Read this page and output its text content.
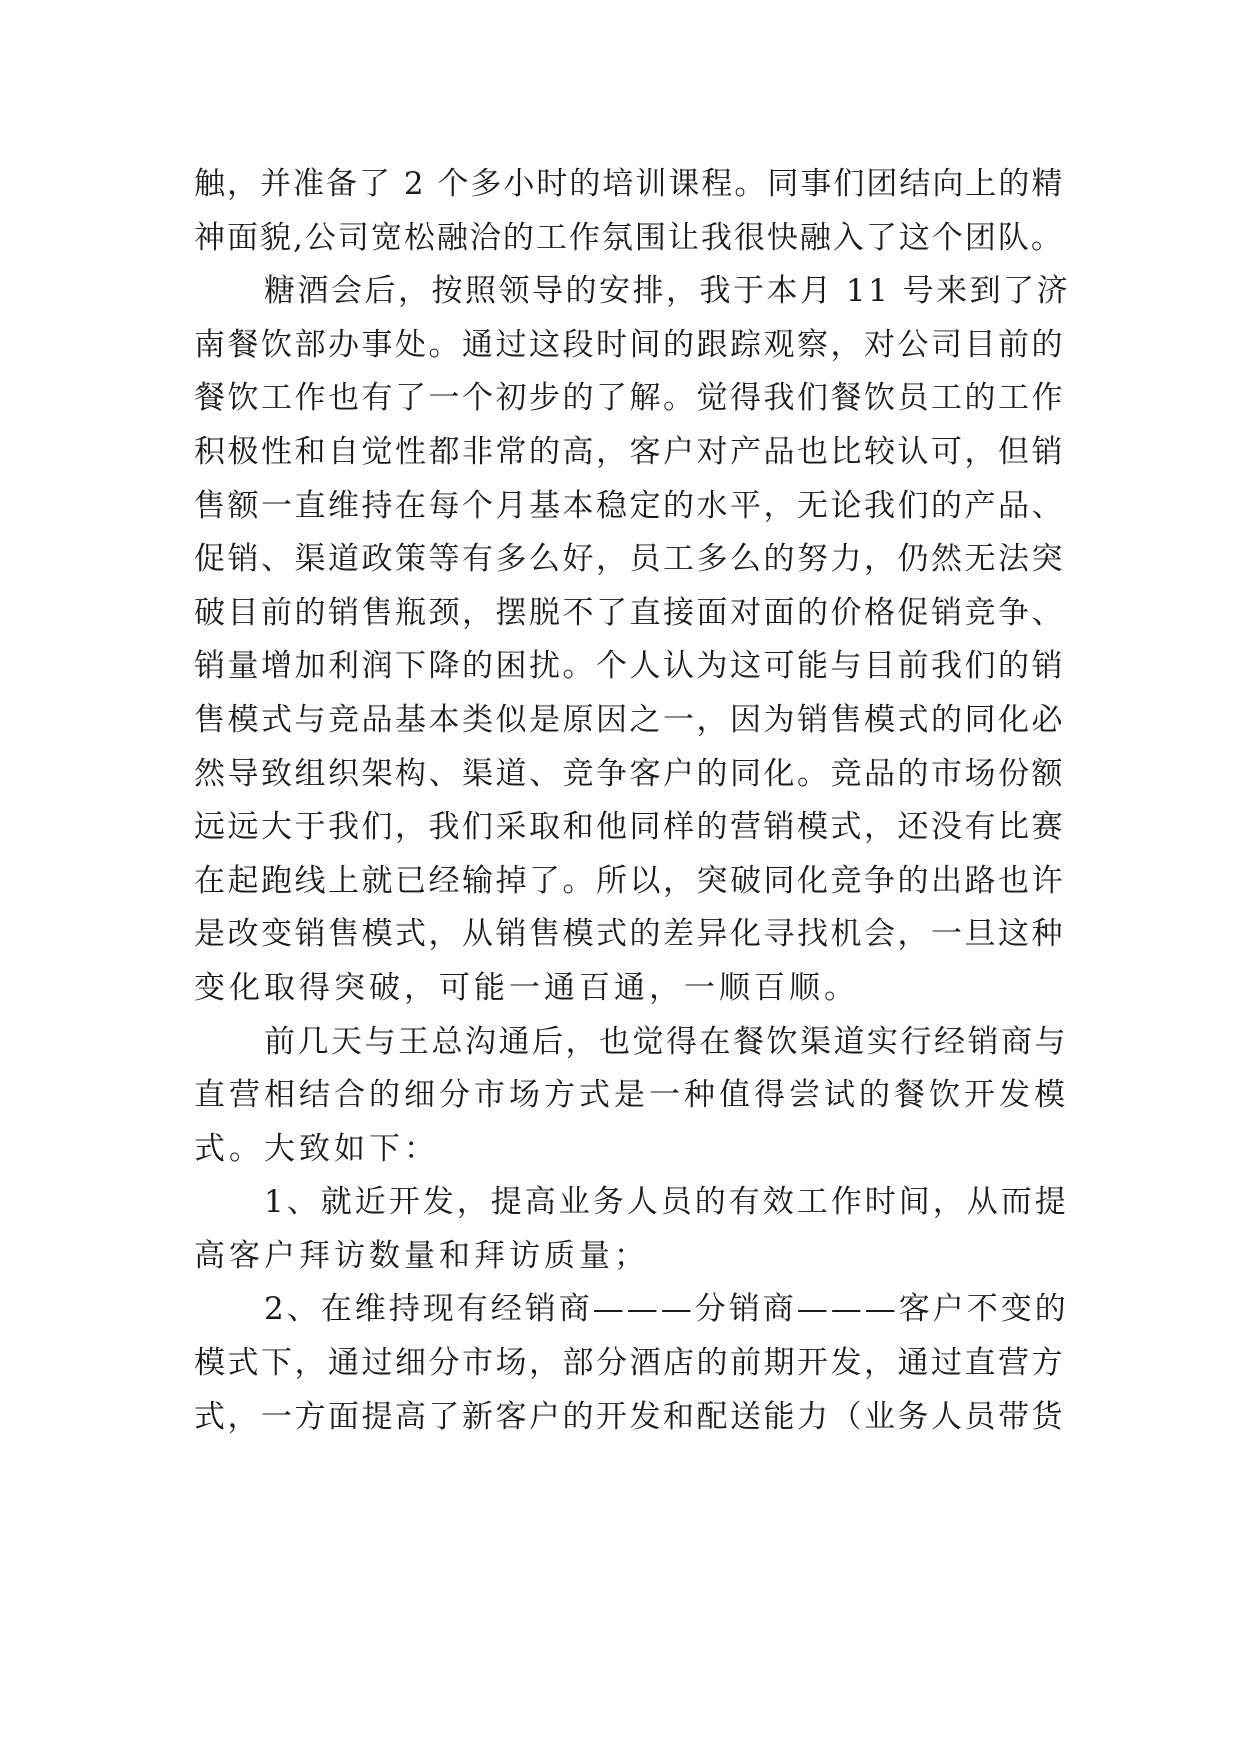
触，并准备了 2 个多小时的培训课程。同事们团结向上的精
神面貌,公司宽松融洽的工作氛围让我很快融入了这个团队。
糖酒会后，按照领导的安排，我于本月 11 号来到了济
南餐饮部办事处。通过这段时间的跟踪观察，对公司目前的
餐饮工作也有了一个初步的了解。觉得我们餐饮员工的工作
积极性和自觉性都非常的高，客户对产品也比较认可，但销
售额一直维持在每个月基本稳定的水平，无论我们的产品、
促销、渠道政策等有多么好，员工多么的努力，仍然无法突
破目前的销售瓶颈，摆脱不了直接面对面的价格促销竞争、
销量增加利润下降的困扰。个人认为这可能与目前我们的销
售模式与竞品基本类似是原因之一，因为销售模式的同化必
然导致组织架构、渠道、竞争客户的同化。竞品的市场份额
远远大于我们，我们采取和他同样的营销模式，还没有比赛
在起跑线上就已经输掉了。所以，突破同化竞争的出路也许
是改变销售模式，从销售模式的差异化寻找机会，一旦这种
变化取得突破，可能一通百通，一顺百顺。
前几天与王总沟通后，也觉得在餐饮渠道实行经销商与
直营相结合的细分市场方式是一种值得尝试的餐饮开发模
式。大致如下：
1、就近开发，提高业务人员的有效工作时间，从而提
高客户拜访数量和拜访质量；
2、在维持现有经销商———分销商———客户不变的
模式下，通过细分市场，部分酒店的前期开发，通过直营方
式，一方面提高了新客户的开发和配送能力（业务人员带货
